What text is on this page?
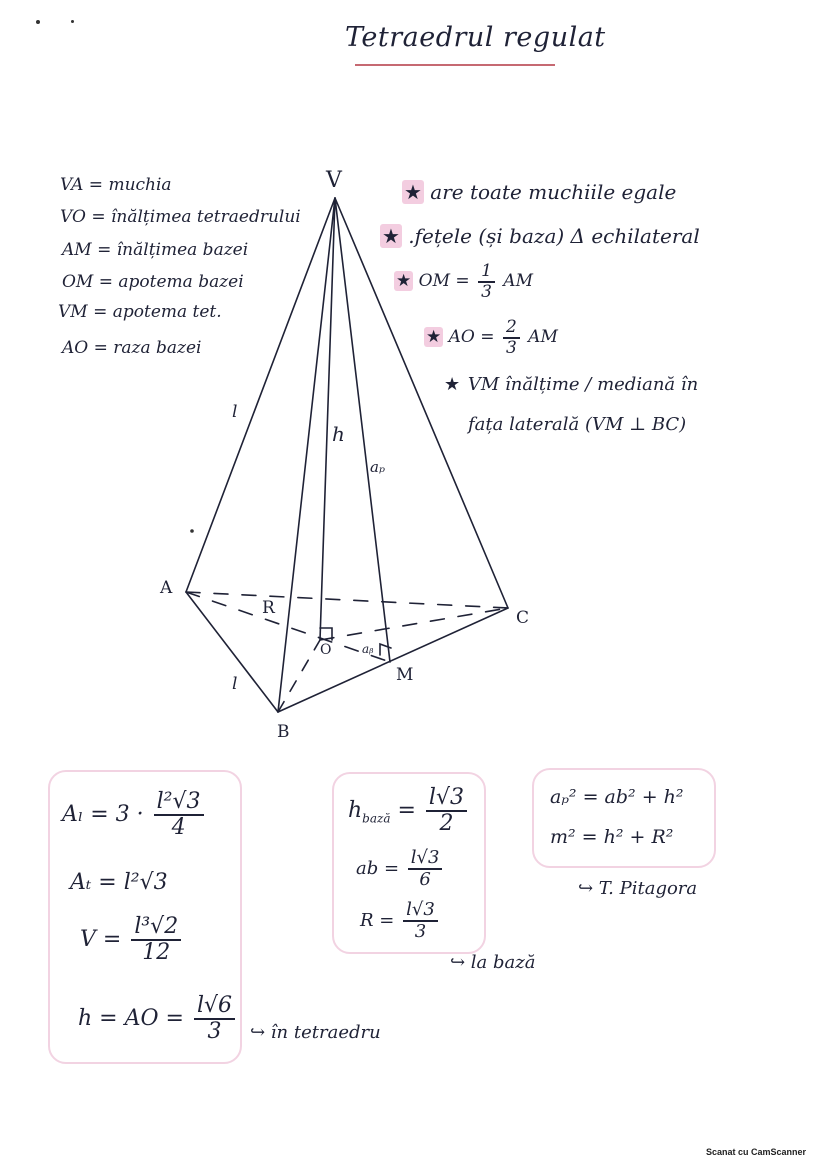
Tetraedrul regulat
VA = muchia
VO = înălțimea tetraedrului
AM = înălțimea bazei
OM = apotema bazei
VM = apotema tet.
AO = raza bazei
★ are toate muchiile egale
★ .fețele (și baza) Δ echilateral
★ OM = $\frac{1}{3}$ AM
★ AO = $\frac{2}{3}$ AM
★ VM înălțime / mediană în
fața laterală (VM ⊥ BC)
V
A
B
C
O
M
l
l
h
aₚ
R
aᵦ
$A_l = 3 \cdot \frac{\text{l²√3}}{4}$
Aₜ = l²√3
$V = \frac{\text{l³√2}}{12}$
h = AO = $\frac{l√6}{3}$ ↪ în tetraedru
$h_{bază} = \frac{l√3}{2}$
ab = $\frac{l√3}{6}$
$R = \frac{l√3}{3}$
↪ la bază
aₚ² = ab² + h²
m² = h² + R²
↪ T. Pitagora
Scanat cu CamScanner
